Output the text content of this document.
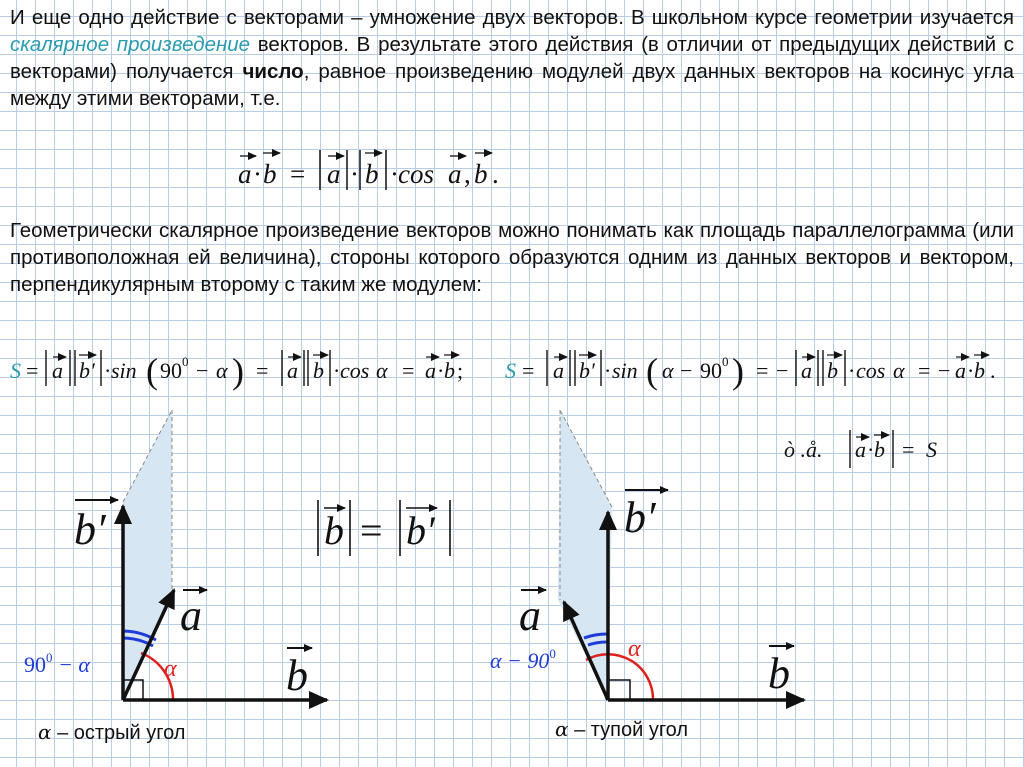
И еще одно действие с векторами – умножение двух векторов. В школьном курсе геометрии изучается скалярное произведение векторов. В результате этого действия (в отличии от предыдущих действий с векторами) получается число, равное произведению модулей двух данных векторов на косинус угла между этими векторами, т.е.
Геометрически скалярное произведение векторов можно понимать как площадь параллелограмма (или противоположная ей величина), стороны которого образуются одним из данных векторов и вектором, перпендикулярным второму с таким же модулем:
a · b = a · b · cos a , b .
S = a b′ · sin ( 90 0 − α ) = a b · cos α = a · b ; S = a b′ · sin ( α − 90 0 ) = − a b · cos α = − a · b .
ò .å. a · b = S
b = b′
b′
a
b
$90^0 - \alpha$	α
b′
a
b
$\alpha - 90^0$	α
α – острый угол	α – тупой угол
